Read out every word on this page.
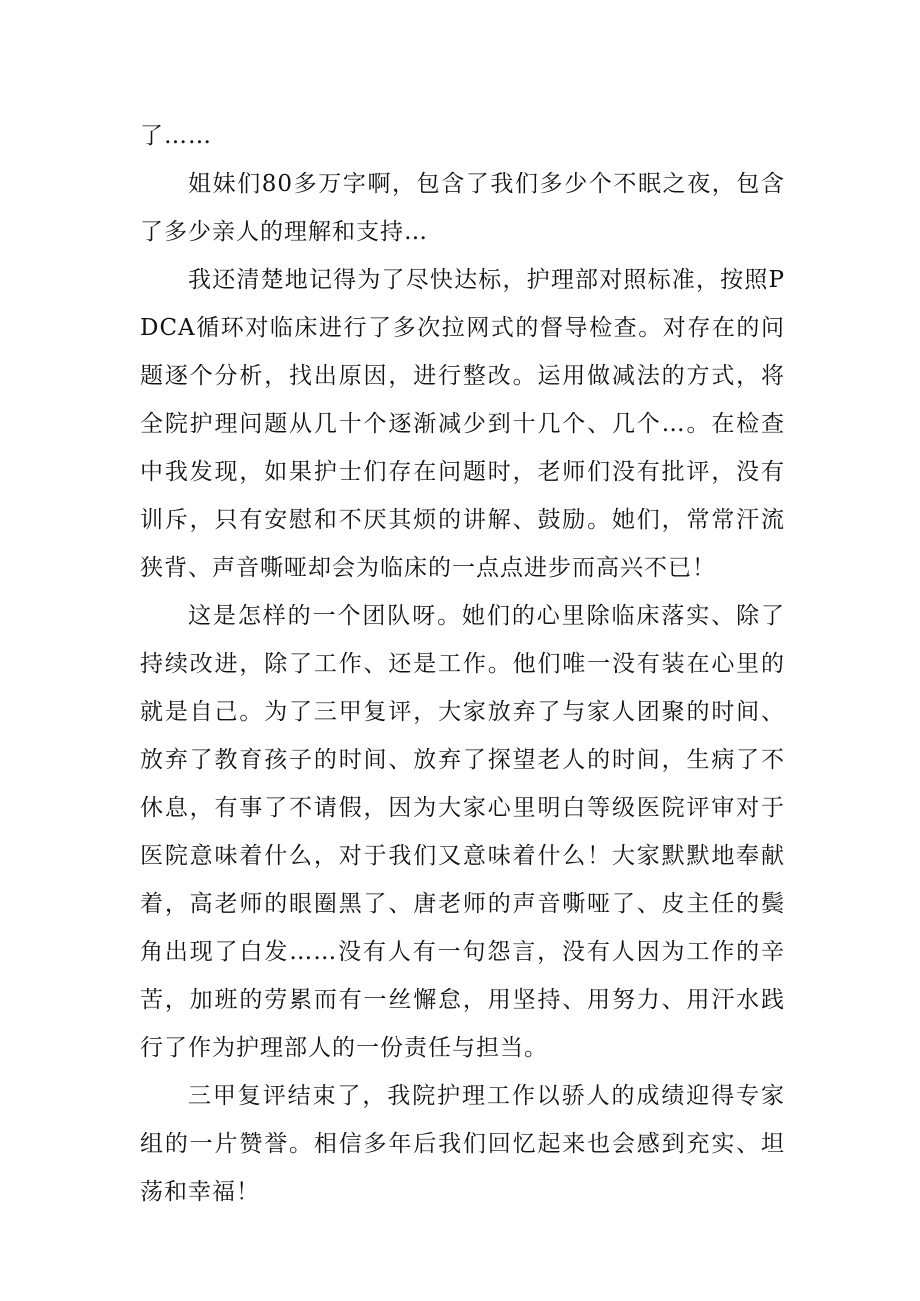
了……

姐妹们80多万字啊，包含了我们多少个不眠之夜，包含了多少亲人的理解和支持…

我还清楚地记得为了尽快达标，护理部对照标准，按照PDCA循环对临床进行了多次拉网式的督导检查。对存在的问题逐个分析，找出原因，进行整改。运用做减法的方式，将全院护理问题从几十个逐渐减少到十几个、几个…。在检查中我发现，如果护士们存在问题时，老师们没有批评，没有训斥，只有安慰和不厌其烦的讲解、鼓励。她们，常常汗流狭背、声音嘶哑却会为临床的一点点进步而高兴不已！

这是怎样的一个团队呀。她们的心里除临床落实、除了持续改进，除了工作、还是工作。他们唯一没有装在心里的就是自己。为了三甲复评，大家放弃了与家人团聚的时间、放弃了教育孩子的时间、放弃了探望老人的时间，生病了不休息，有事了不请假，因为大家心里明白等级医院评审对于医院意味着什么，对于我们又意味着什么！大家默默地奉献着，高老师的眼圈黑了、唐老师的声音嘶哑了、皮主任的鬓角出现了白发……没有人有一句怨言，没有人因为工作的辛苦，加班的劳累而有一丝懈怠，用坚持、用努力、用汗水践行了作为护理部人的一份责任与担当。

三甲复评结束了，我院护理工作以骄人的成绩迎得专家组的一片赞誉。相信多年后我们回忆起来也会感到充实、坦荡和幸福！
